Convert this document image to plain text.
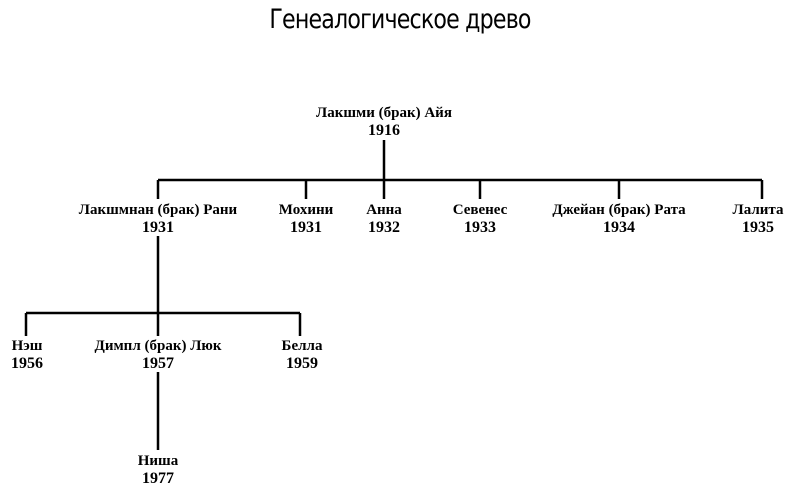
Генеалогическое древо
Лакшми (брак) Айя
1916
Лакшмнан (брак) Рани
1931
Мохини
1931
Анна
1932
Севенес
1933
Джейан (брак) Рата
1934
Лалита
1935
Нэш
1956
Димпл (брак) Люк
1957
Белла
1959
Ниша
1977
